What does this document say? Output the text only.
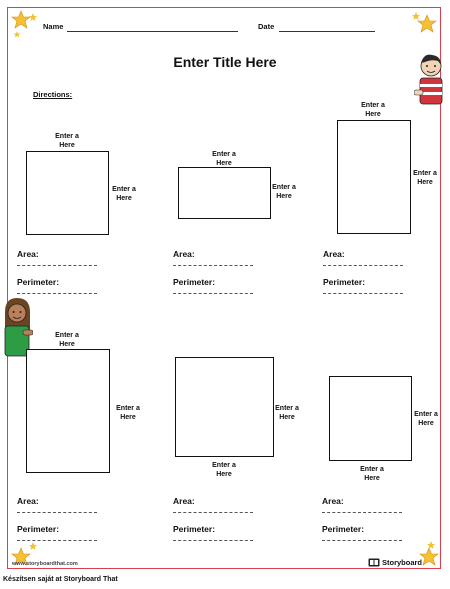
Name	Date
Enter Title Here
Directions:
Enter a Here
Enter a Here
Enter a Here
Enter a Here
Enter a Here
Enter a Here
Area:
Perimeter:
Area:
Perimeter:
Area:
Perimeter:
Enter a Here
Enter a Here
Enter a Here
Enter a Here
Enter a Here
Enter a Here
Area:
Perimeter:
Area:
Perimeter:
Area:
Perimeter:
www.storyboardthat.com	Storyboard
Készítsen saját at Storyboard That
